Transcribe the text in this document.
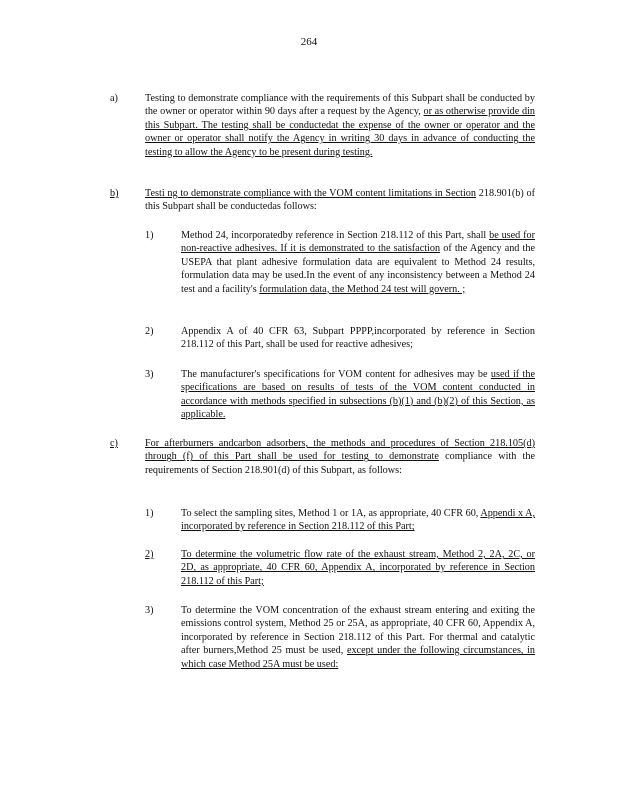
264
a)	Testing to demonstrate compliance with the requirements of this Subpart shall be conducted by the owner or operator within 90 days after a request by the Agency, or as otherwise provide din this Subpart. The testing shall be conductedat the expense of the owner or operator and the owner or operator shall notify the Agency in writing 30 days in advance of conducting the testing to allow the Agency to be present during testing.
b)	Testi ng to demonstrate compliance with the VOM content limitations in Section 218.901(b) of this Subpart shall be conductedas follows:
1)	Method 24, incorporatedby reference in Section 218.112 of this Part, shall be used for non-reactive adhesives. If it is demonstrated to the satisfaction of the Agency and the USEPA that plant adhesive formulation data are equivalent to Method 24 results, formulation data may be used.In the event of any inconsistency between a Method 24 test and a facility's formulation data, the Method 24 test will govern. ;
2)	Appendix A of 40 CFR 63, Subpart PPPP,incorporated by reference in Section 218.112 of this Part, shall be used for reactive adhesives;
3)	The manufacturer's specifications for VOM content for adhesives may be used if the specifications are based on results of tests of the VOM content conducted in accordance with methods specified in subsections (b)(1) and (b)(2) of this Section, as applicable.
c)	For afterburners andcarbon adsorbers, the methods and procedures of Section 218.105(d) through (f) of this Part shall be used for testing to demonstrate compliance with the requirements of Section 218.901(d) of this Subpart, as follows:
1)	To select the sampling sites, Method 1 or 1A, as appropriate, 40 CFR 60, Appendi x A, incorporated by reference in Section 218.112 of this Part;
2)	To determine the volumetric flow rate of the exhaust stream, Method 2, 2A, 2C, or 2D, as appropriate, 40 CFR 60, Appendix A, incorporated by reference in Section 218.112 of this Part;
3)	To determine the VOM concentration of the exhaust stream entering and exiting the emissions control system, Method 25 or 25A, as appropriate, 40 CFR 60, Appendix A, incorporated by reference in Section 218.112 of this Part. For thermal and catalytic after burners,Method 25 must be used, except under the following circumstances, in which case Method 25A must be used:
